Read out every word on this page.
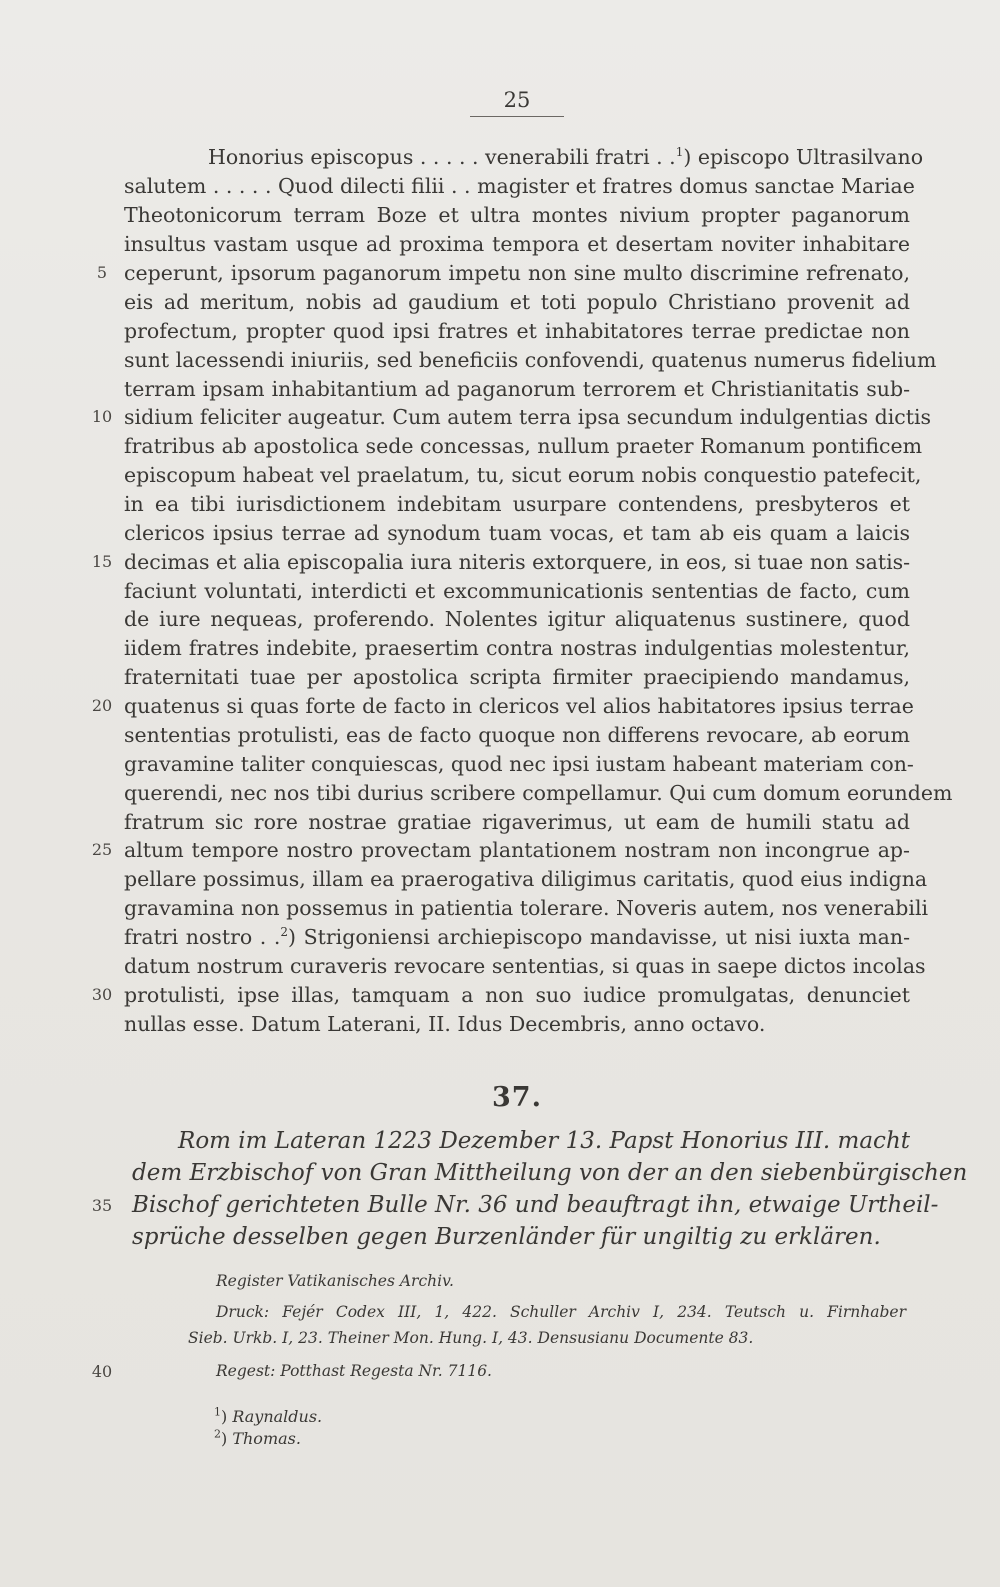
25
Honorius episcopus . . . . . venerabili fratri . .$^1$) episcopo Ultrasilvano
salutem . . . . . Quod dilecti filii . . magister et fratres domus sanctae Mariae
Theotonicorum terram Boze et ultra montes nivium propter paganorum
insultus vastam usque ad proxima tempora et desertam noviter inhabitare
ceperunt, ipsorum paganorum impetu non sine multo discrimine refrenato,
eis ad meritum, nobis ad gaudium et toti populo Christiano provenit ad
profectum, propter quod ipsi fratres et inhabitatores terrae predictae non
sunt lacessendi iniuriis, sed beneficiis confovendi, quatenus numerus fidelium
terram ipsam inhabitantium ad paganorum terrorem et Christianitatis sub-
sidium feliciter augeatur. Cum autem terra ipsa secundum indulgentias dictis
fratribus ab apostolica sede concessas, nullum praeter Romanum pontificem
episcopum habeat vel praelatum, tu, sicut eorum nobis conquestio patefecit,
in ea tibi iurisdictionem indebitam usurpare contendens, presbyteros et
clericos ipsius terrae ad synodum tuam vocas, et tam ab eis quam a laicis
decimas et alia episcopalia iura niteris extorquere, in eos, si tuae non satis-
faciunt voluntati, interdicti et excommunicationis sententias de facto, cum
de iure nequeas, proferendo. Nolentes igitur aliquatenus sustinere, quod
iidem fratres indebite, praesertim contra nostras indulgentias molestentur,
fraternitati tuae per apostolica scripta firmiter praecipiendo mandamus,
quatenus si quas forte de facto in clericos vel alios habitatores ipsius terrae
sententias protulisti, eas de facto quoque non differens revocare, ab eorum
gravamine taliter conquiescas, quod nec ipsi iustam habeant materiam con-
querendi, nec nos tibi durius scribere compellamur. Qui cum domum eorundem
fratrum sic rore nostrae gratiae rigaverimus, ut eam de humili statu ad
altum tempore nostro provectam plantationem nostram non incongrue ap-
pellare possimus, illam ea praerogativa diligimus caritatis, quod eius indigna
gravamina non possemus in patientia tolerare. Noveris autem, nos venerabili
fratri nostro . .$^2$) Strigoniensi archiepiscopo mandavisse, ut nisi iuxta man-
datum nostrum curaveris revocare sententias, si quas in saepe dictos incolas
protulisti, ipse illas, tamquam a non suo iudice promulgatas, denunciet
nullas esse. Datum Laterani, II. Idus Decembris, anno octavo.
5
10
15
20
25
30
35
40
37.
Rom im Lateran 1223 Dezember 13. Papst Honorius III. macht
dem Erzbischof von Gran Mittheilung von der an den siebenbürgischen
Bischof gerichteten Bulle Nr. 36 und beauftragt ihn, etwaige Urtheil-
sprüche desselben gegen Burzenländer für ungiltig zu erklären.
Register Vatikanisches Archiv.
Druck: Fejér Codex III, 1, 422. Schuller Archiv I, 234. Teutsch u. Firnhaber
Sieb. Urkb. I, 23. Theiner Mon. Hung. I, 43. Densusianu Documente 83.
Regest: Potthast Regesta Nr. 7116.
$^1$) Raynaldus.
$^2$) Thomas.
